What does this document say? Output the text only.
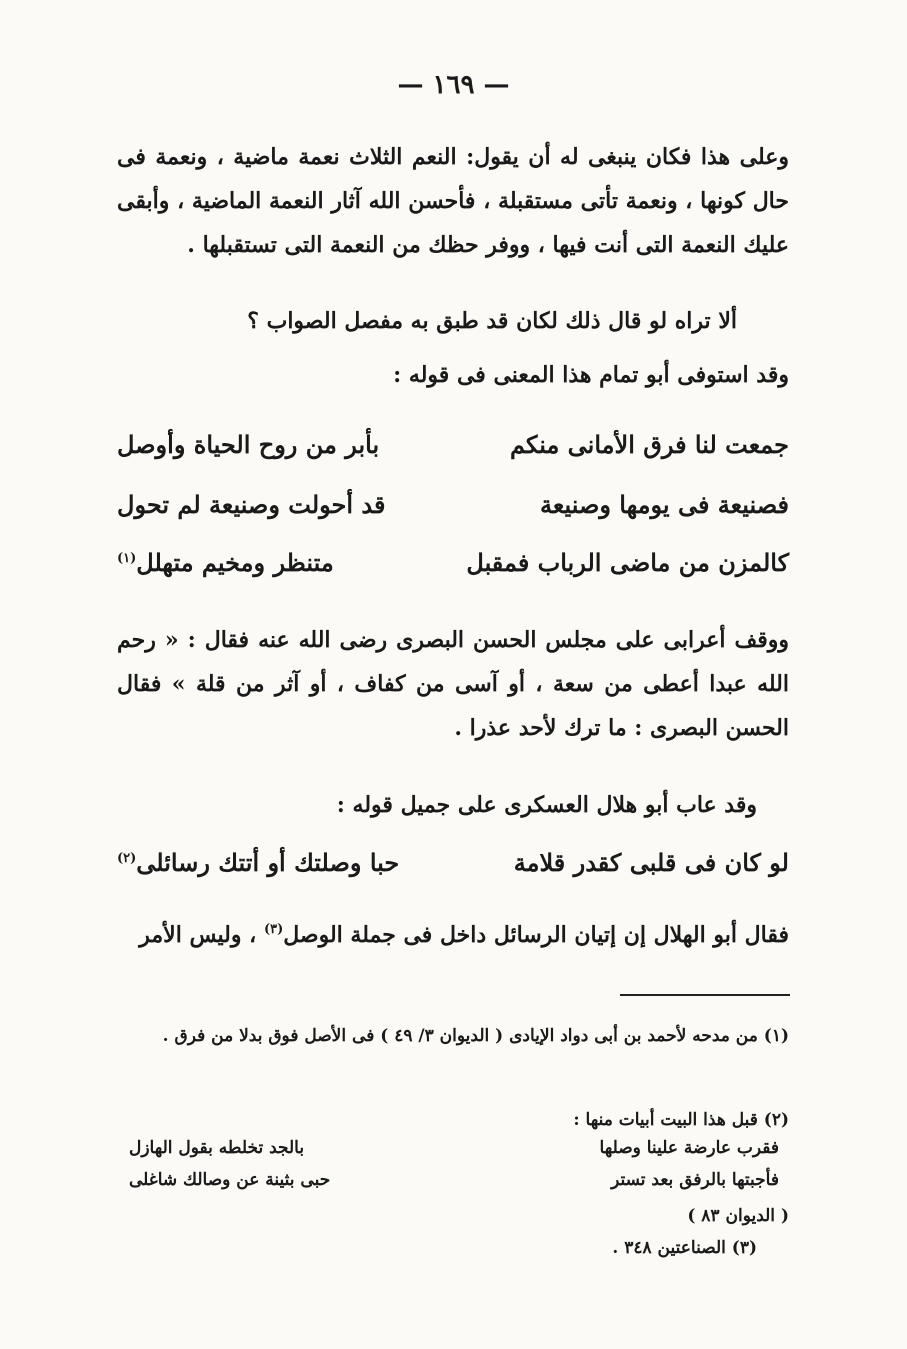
— ١٦٩ —
وعلى هذا فكان ينبغى له أن يقول: النعم الثلاث نعمة ماضية ، ونعمة فى حال كونها ، ونعمة تأتى مستقبلة ، فأحسن الله آثار النعمة الماضية ، وأبقى عليك النعمة التى أنت فيها ، ووفر حظك من النعمة التى تستقبلها .
ألا تراه لو قال ذلك لكان قد طبق به مفصل الصواب ؟
وقد استوفى أبو تمام هذا المعنى فى قوله :
جمعت لنا فرق الأمانى منكم
بأبر من روح الحياة وأوصل
فصنيعة فى يومها وصنيعة
قد أحولت وصنيعة لم تحول
كالمزن من ماضى الرباب فمقبل
متنظر ومخيم متهلل$^{(١)}$
ووقف أعرابى على مجلس الحسن البصرى رضى الله عنه فقال : « رحم الله عبدا أعطى من سعة ، أو آسى من كفاف ، أو آثر من قلة » فقال الحسن البصرى : ما ترك لأحد عذرا .
وقد عاب أبو هلال العسكرى على جميل قوله :
لو كان فى قلبى كقدر قلامة
حبا وصلتك أو أتتك رسائلى$^{(٢)}$
فقال أبو الهلال إن إتيان الرسائل داخل فى جملة الوصل
(٣)

، وليس الأمر
(١) من مدحه لأحمد بن أبى دواد الإيادى ( الديوان ٣/ ٤٩ ) فى الأصل فوق بدلا من فرق .
(٢) قبل هذا البيت أبيات منها :
فقرب عارضة علينا وصلها
بالجد تخلطه بقول الهازل
فأجبتها بالرفق بعد تستر
حبى بثينة عن وصالك شاغلى
( الديوان ٨٣ )
(٣) الصناعتين ٣٤٨ .
